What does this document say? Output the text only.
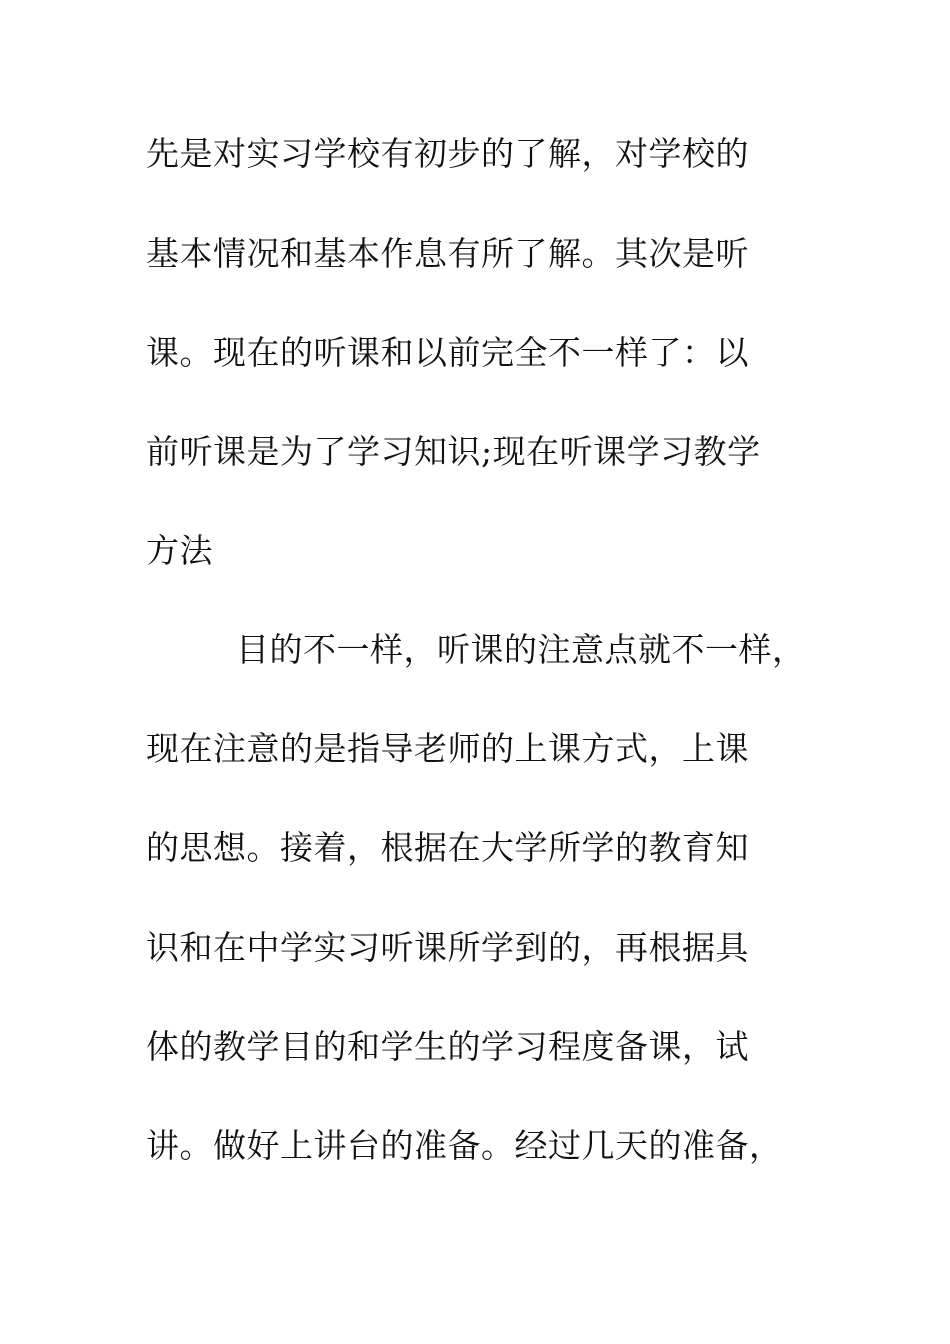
先是对实习学校有初步的了解，对学校的
基本情况和基本作息有所了解。其次是听
课。现在的听课和以前完全不一样了：以
前听课是为了学习知识;现在听课学习教学
方法
目的不一样，听课的注意点就不一样，
现在注意的是指导老师的上课方式，上课
的思想。接着，根据在大学所学的教育知
识和在中学实习听课所学到的，再根据具
体的教学目的和学生的学习程度备课，试
讲。做好上讲台的准备。经过几天的准备，
